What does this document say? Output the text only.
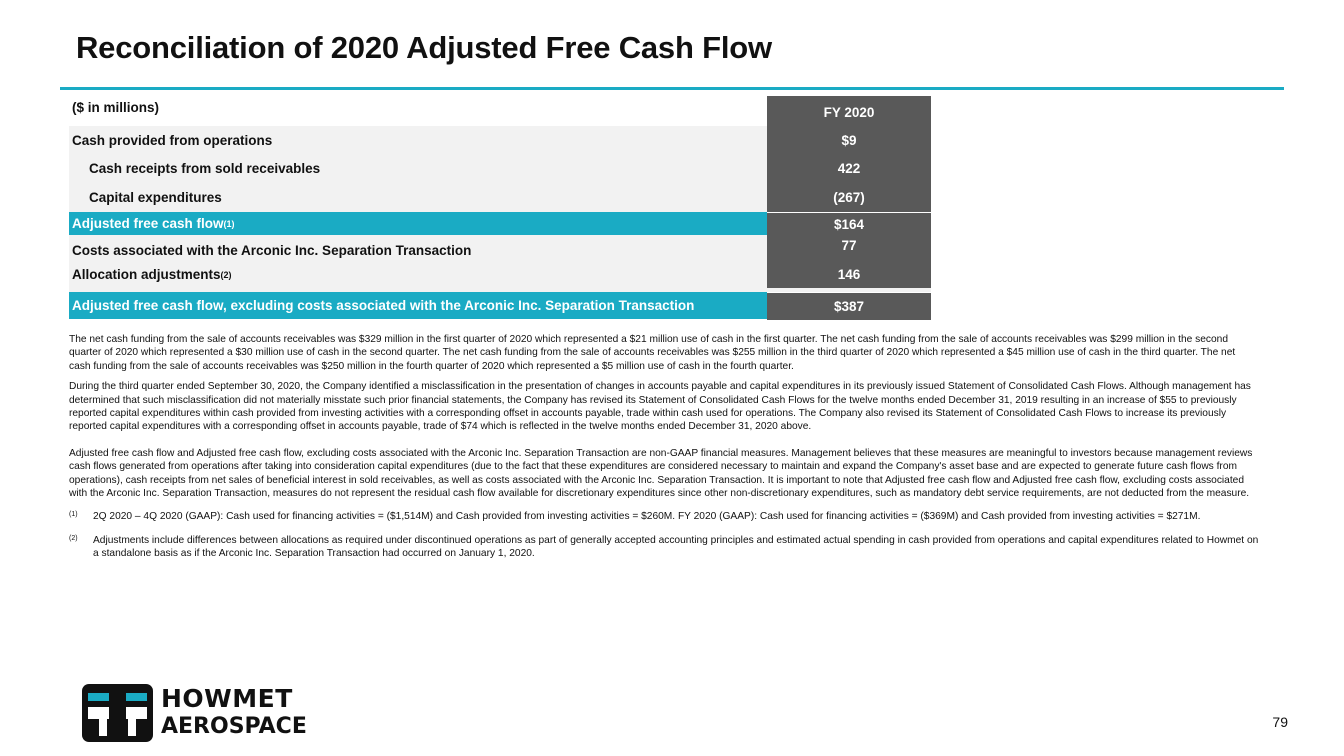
Reconciliation of 2020 Adjusted Free Cash Flow
($ in millions)	FY 2020
Cash provided from operations	$9
Cash receipts from sold receivables	422
Capital expenditures	(267)
Adjusted free cash flow (1)	$164
Costs associated with the Arconic Inc. Separation Transaction	77
Allocation adjustments (2)	146
Adjusted free cash flow, excluding costs associated with the Arconic Inc. Separation Transaction	$387

The net cash funding from the sale of accounts receivables was $329 million in the first quarter of 2020 which represented a $21 million use of cash in the first quarter. The net cash funding from the sale of accounts receivables was $299 million in the second quarter of 2020 which represented a $30 million use of cash in the second quarter. The net cash funding from the sale of accounts receivables was $255 million in the third quarter of 2020 which represented a $45 million use of cash in the third quarter. The net cash funding from the sale of accounts receivables was $250 million in the fourth quarter of 2020 which represented a $5 million use of cash in the fourth quarter.

During the third quarter ended September 30, 2020, the Company identified a misclassification in the presentation of changes in accounts payable and capital expenditures in its previously issued Statement of Consolidated Cash Flows. Although management has determined that such misclassification did not materially misstate such prior financial statements, the Company has revised its Statement of Consolidated Cash Flows for the twelve months ended December 31, 2019 resulting in an increase of $55 to previously reported capital expenditures within cash provided from investing activities with a corresponding offset in accounts payable, trade within cash used for operations. The Company also revised its Statement of Consolidated Cash Flows to increase its previously reported capital expenditures with a corresponding offset in accounts payable, trade of $74 which is reflected in the twelve months ended December 31, 2020 above.

Adjusted free cash flow and Adjusted free cash flow, excluding costs associated with the Arconic Inc. Separation Transaction are non-GAAP financial measures. Management believes that these measures are meaningful to investors because management reviews cash flows generated from operations after taking into consideration capital expenditures (due to the fact that these expenditures are considered necessary to maintain and expand the Company's asset base and are expected to generate future cash flows from operations), cash receipts from net sales of beneficial interest in sold receivables, as well as costs associated with the Arconic Inc. Separation Transaction. It is important to note that Adjusted free cash flow and Adjusted free cash flow, excluding costs associated with the Arconic Inc. Separation Transaction, measures do not represent the residual cash flow available for discretionary expenditures since other non-discretionary expenditures, such as mandatory debt service requirements, are not deducted from the measure.

(1)	2Q 2020 – 4Q 2020 (GAAP): Cash used for financing activities = ($1,514M) and Cash provided from investing activities = $260M. FY 2020 (GAAP): Cash used for financing activities = ($369M) and Cash provided from investing activities = $271M.
(2)	Adjustments include differences between allocations as required under discontinued operations as part of generally accepted accounting principles and estimated actual spending in cash provided from operations and capital expenditures related to Howmet on a standalone basis as if the Arconic Inc. Separation Transaction had occurred on January 1, 2020.
HOWMET
AEROSPACE	79
